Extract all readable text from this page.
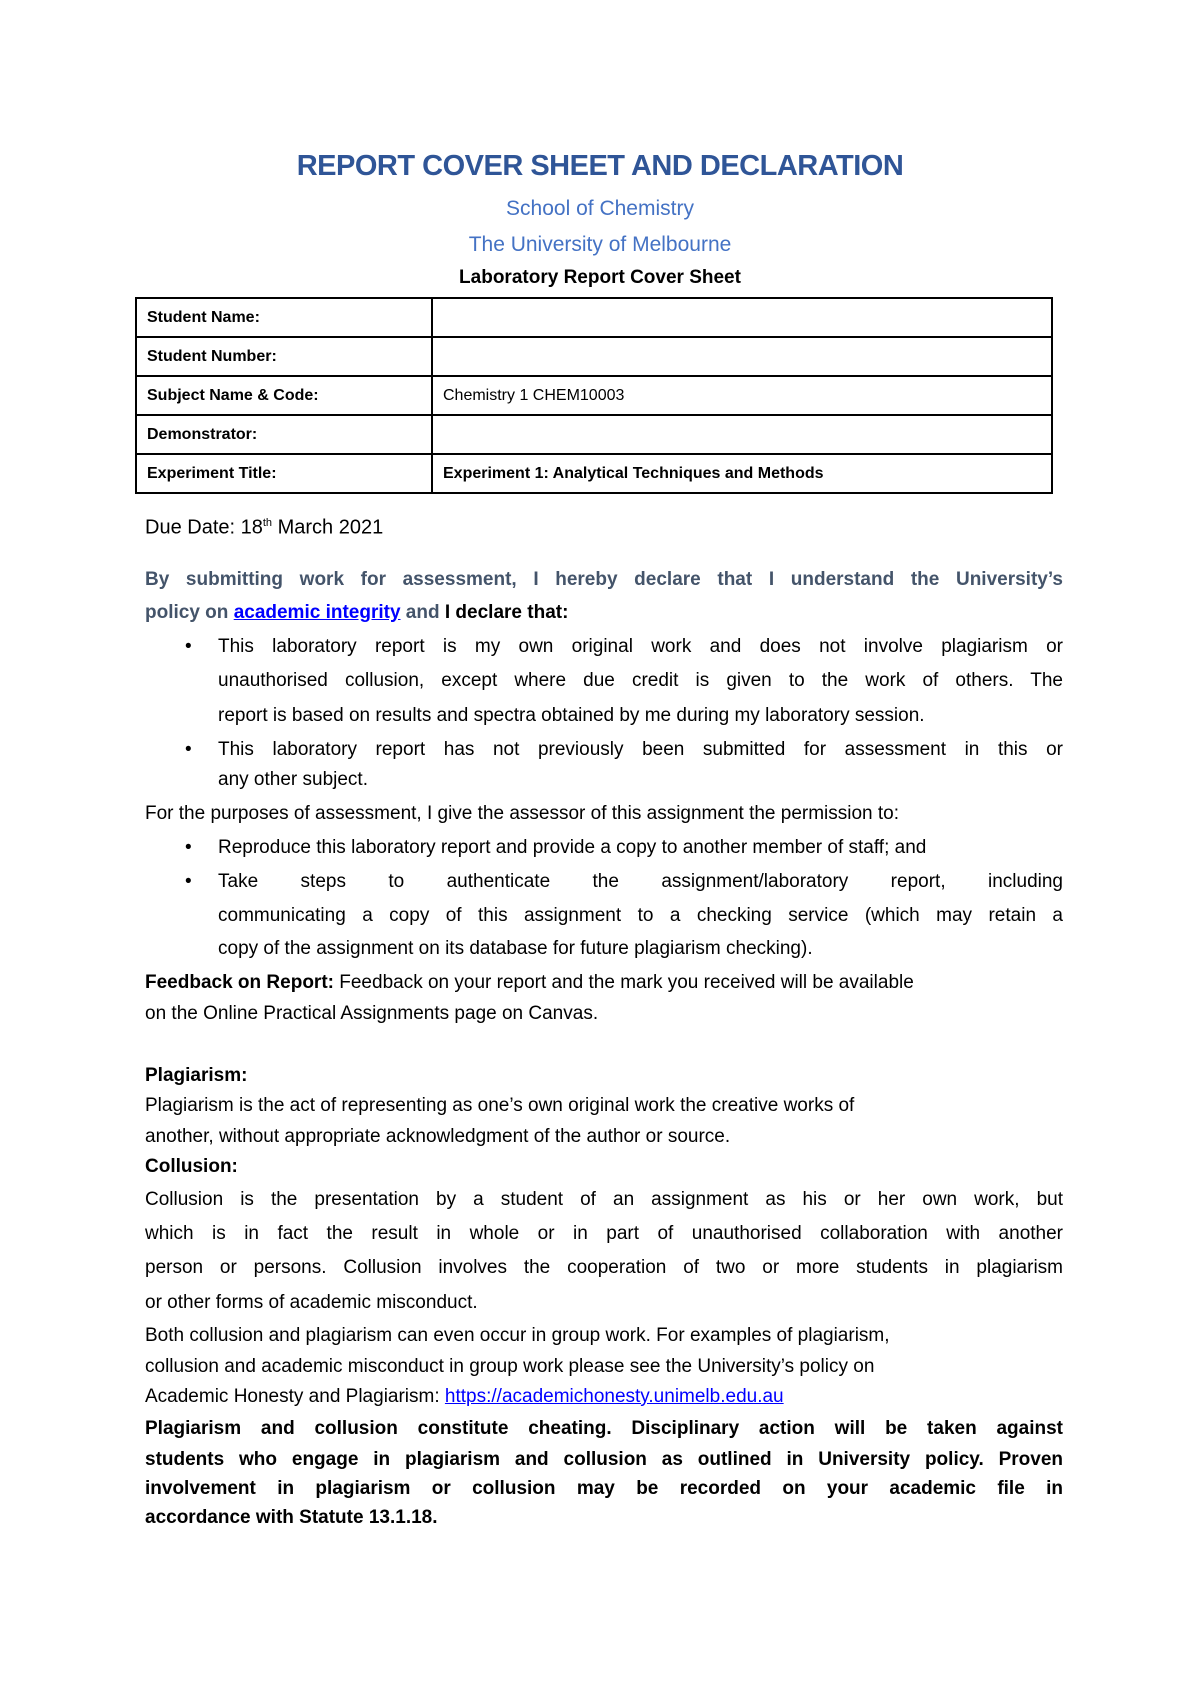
REPORT COVER SHEET AND DECLARATION
School of Chemistry
The University of Melbourne
Laboratory Report Cover Sheet
Student Name:	
Student Number:	
Subject Name & Code:	Chemistry 1 CHEM10003
Demonstrator:	
Experiment Title:	Experiment 1: Analytical Techniques and Methods
Due Date: 18th March 2021
By submitting work for assessment, I hereby declare that I understand the University’s
policy on academic integrity and I declare that:
• This laboratory report is my own original work and does not involve plagiarism or
unauthorised collusion, except where due credit is given to the work of others. The
report is based on results and spectra obtained by me during my laboratory session.
• This laboratory report has not previously been submitted for assessment in this or
any other subject.
For the purposes of assessment, I give the assessor of this assignment the permission to:
• Reproduce this laboratory report and provide a copy to another member of staff; and
• Take steps to authenticate the assignment/laboratory report, including
communicating a copy of this assignment to a checking service (which may retain a
copy of the assignment on its database for future plagiarism checking).
Feedback on Report: Feedback on your report and the mark you received will be available
on the Online Practical Assignments page on Canvas.
Plagiarism:
Plagiarism is the act of representing as one’s own original work the creative works of
another, without appropriate acknowledgment of the author or source.
Collusion:
Collusion is the presentation by a student of an assignment as his or her own work, but
which is in fact the result in whole or in part of unauthorised collaboration with another
person or persons. Collusion involves the cooperation of two or more students in plagiarism
or other forms of academic misconduct.
Both collusion and plagiarism can even occur in group work. For examples of plagiarism,
collusion and academic misconduct in group work please see the University’s policy on
Academic Honesty and Plagiarism: https://academichonesty.unimelb.edu.au
Plagiarism and collusion constitute cheating. Disciplinary action will be taken against
students who engage in plagiarism and collusion as outlined in University policy. Proven
involvement in plagiarism or collusion may be recorded on your academic file in
accordance with Statute 13.1.18.
